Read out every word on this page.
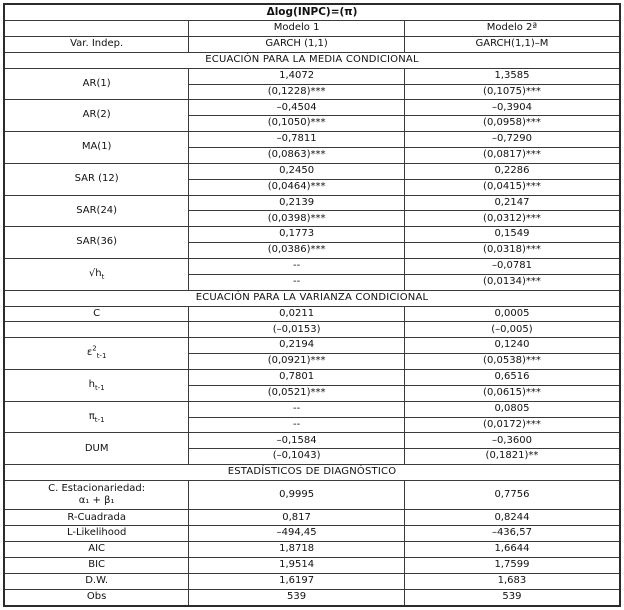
Δlog(INPC)=(π)		
	Modelo 1	Modelo 2ª
Var. Indep.	GARCH (1,1)	GARCH(1,1)–M
ECUACIÓN PARA LA MEDIA CONDICIONAL		
AR(1)	1,4072	1,3585
	(0,1228)***	(0,1075)***
AR(2)	–0,4504	–0,3904
	(0,1050)***	(0,0958)***
MA(1)	–0,7811	–0,7290
	(0,0863)***	(0,0817)***
SAR (12)	0,2450	0,2286
	(0,0464)***	(0,0415)***
SAR(24)	0,2139	0,2147
	(0,0398)***	(0,0312)***
SAR(36)	0,1773	0,1549
	(0,0386)***	(0,0318)***
$√h_t$	--	–0,0781
	--	(0,0134)***
ECUACIÓN PARA LA VARIANZA CONDICIONAL		
C	0,0211	0,0005
	(–0,0153)	(–0,005)
$\varepsilon^2_{t-1}$	0,2194	0,1240
	(0,0921)***	(0,0538)***
$h_{t-1}$	0,7801	0,6516
	(0,0521)***	(0,0615)***
$\pi_{t-1}$	--	0,0805
	--	(0,0172)***
DUM	–0,1584	–0,3600
	(–0,1043)	(0,1821)**
ESTADÍSTICOS DE DIAGNÓSTICO		
C. Estacionariedad:
α₁ + β₁	0,9995	0,7756
R-Cuadrada	0,817	0,8244
L-Likelihood	–494,45	–436,57
AIC	1,8718	1,6644
BIC	1,9514	1,7599
D.W.	1,6197	1,683
Obs	539	539
